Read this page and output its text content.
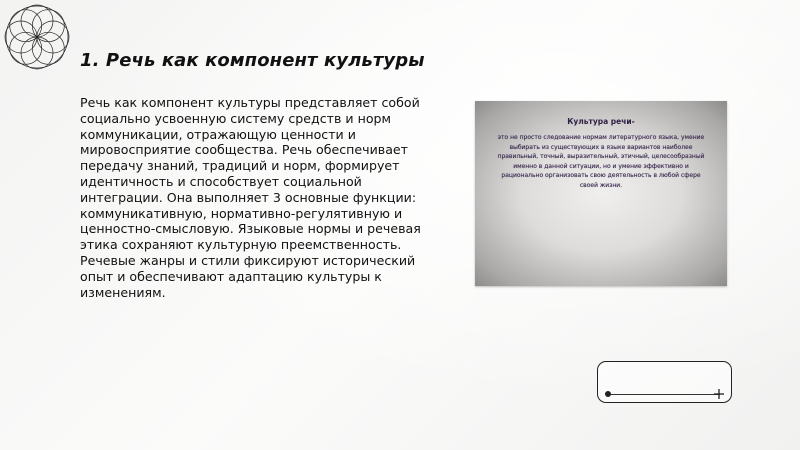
1. Речь как компонент культуры
Речь как компонент культуры представляет собой социально усвоенную систему средств и норм коммуникации, отражающую ценности и мировосприятие сообщества. Речь обеспечивает передачу знаний, традиций и норм, формирует идентичность и способствует социальной интеграции. Она выполняет 3 основные функции: коммуникативную, нормативно-регулятивную и ценностно-смысловую. Языковые нормы и речевая этика сохраняют культурную преемственность. Речевые жанры и стили фиксируют исторический опыт и обеспечивают адаптацию культуры к изменениям.
Культура речи-
это не просто следование нормам литературного языка, умение выбирать из существующих в языке вариантов наиболее правильный, точный, выразительный, этичный, целесообразный именно в данной ситуации, но и умение эффективно и рационально организовать свою деятельность в любой сфере своей жизни.
